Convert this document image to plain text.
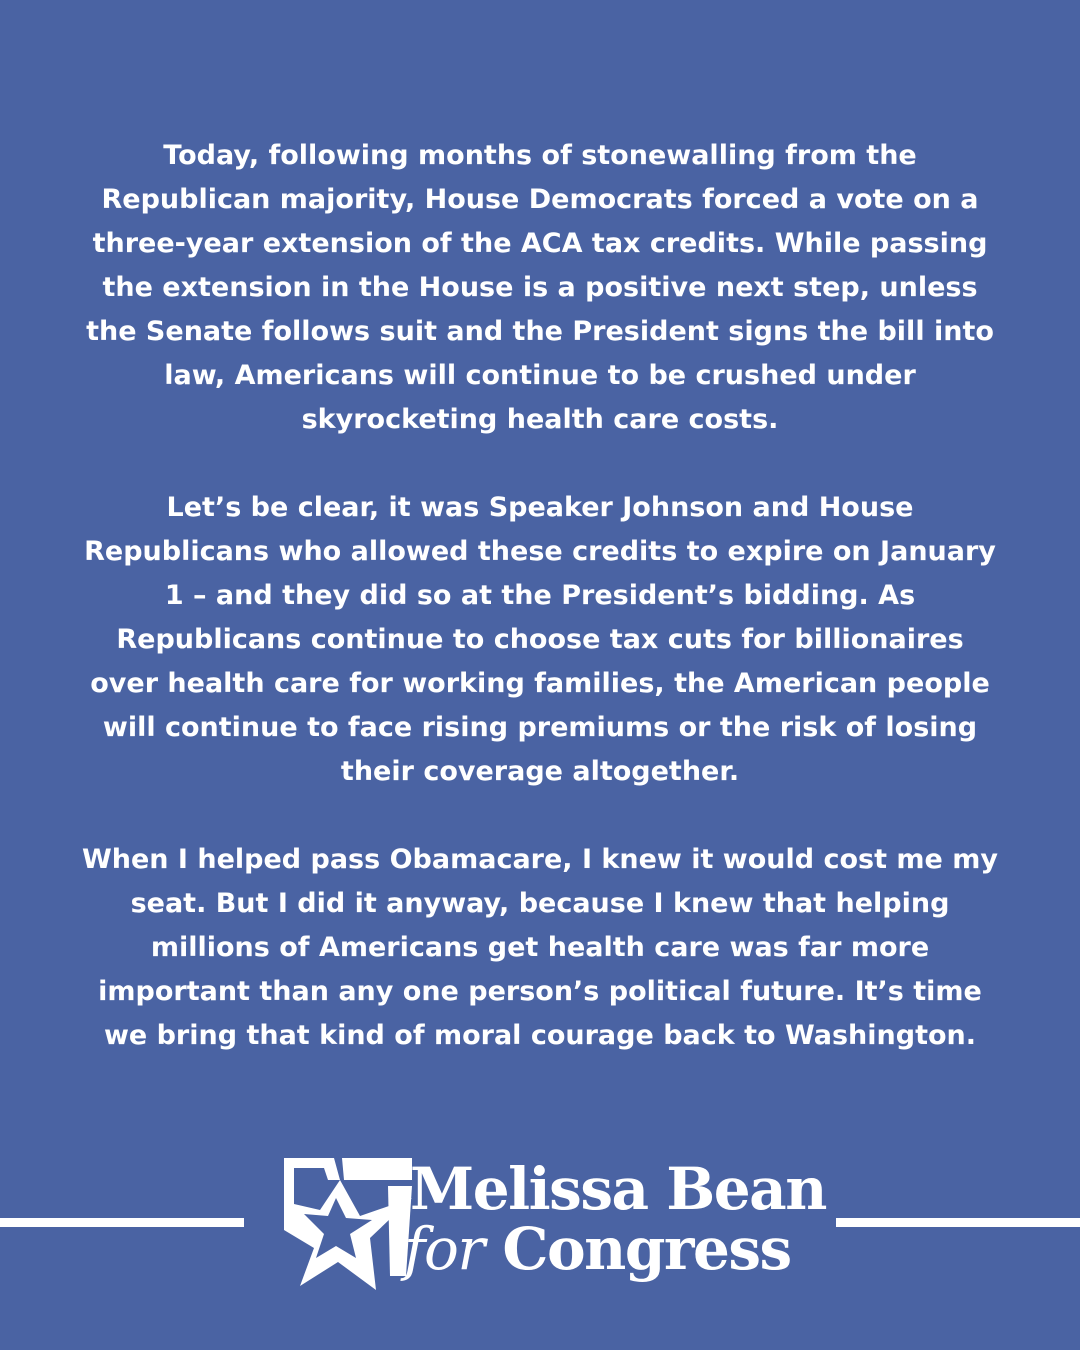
Today, following months of stonewalling from the Republican majority, House Democrats forced a vote on a three-year extension of the ACA tax credits. While passing the extension in the House is a positive next step, unless the Senate follows suit and the President signs the bill into law, Americans will continue to be crushed under skyrocketing health care costs.

Let’s be clear, it was Speaker Johnson and House Republicans who allowed these credits to expire on January 1 – and they did so at the President’s bidding. As Republicans continue to choose tax cuts for billionaires over health care for working families, the American people will continue to face rising premiums or the risk of losing their coverage altogether.

When I helped pass Obamacare, I knew it would cost me my seat. But I did it anyway, because I knew that helping millions of Americans get health care was far more important than any one person’s political future. It’s time we bring that kind of moral courage back to Washington.

Melissa Bean
for Congress
